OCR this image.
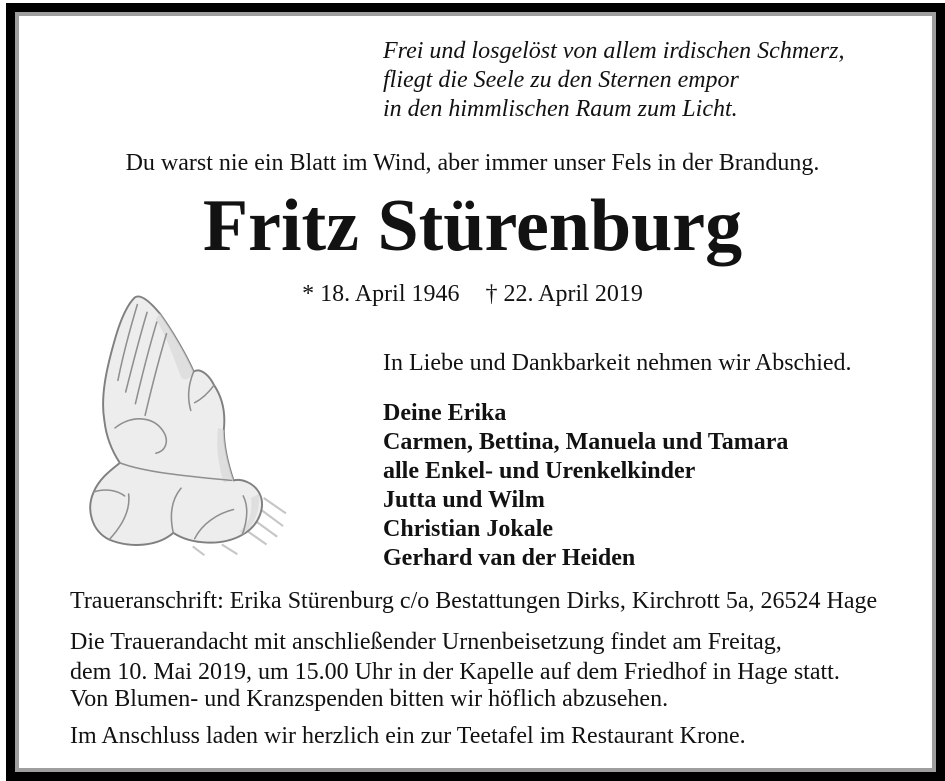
Frei und losgelöst von allem irdischen Schmerz,
fliegt die Seele zu den Sternen empor
in den himmlischen Raum zum Licht.
Du warst nie ein Blatt im Wind, aber immer unser Fels in der Brandung.
Fritz Stürenburg
* 18. April 1946 † 22. April 2019
In Liebe und Dankbarkeit nehmen wir Abschied.
Deine Erika
Carmen, Bettina, Manuela und Tamara
alle Enkel- und Urenkelkinder
Jutta und Wilm
Christian Jokale
Gerhard van der Heiden
Traueranschrift: Erika Stürenburg c/o Bestattungen Dirks, Kirchrott 5a, 26524 Hage
Die Trauerandacht mit anschließender Urnenbeisetzung findet am Freitag,
dem 10. Mai 2019, um 15.00 Uhr in der Kapelle auf dem Friedhof in Hage statt.
Von Blumen- und Kranzspenden bitten wir höflich abzusehen.
Im Anschluss laden wir herzlich ein zur Teetafel im Restaurant Krone.
